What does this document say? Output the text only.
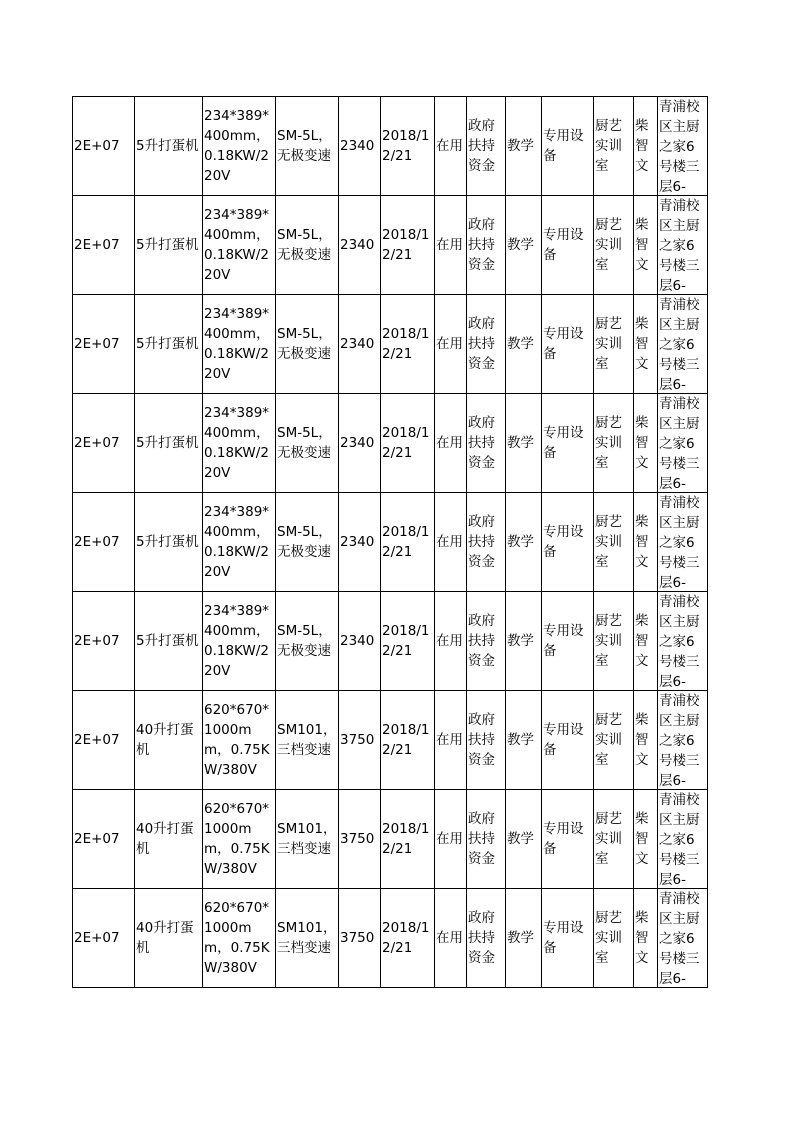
2E+07	5升打蛋机	234*389*400mm，0.18KW/220V	SM-5L，无极变速	2340	2018/12/21	在用	政府扶持资金	教学	专用设备	厨艺实训室	柴智文	青浦校区主厨之家6号楼三层6-

2E+07	5升打蛋机	234*389*400mm，0.18KW/220V	SM-5L，无极变速	2340	2018/12/21	在用	政府扶持资金	教学	专用设备	厨艺实训室	柴智文	青浦校区主厨之家6号楼三层6-

2E+07	5升打蛋机	234*389*400mm，0.18KW/220V	SM-5L，无极变速	2340	2018/12/21	在用	政府扶持资金	教学	专用设备	厨艺实训室	柴智文	青浦校区主厨之家6号楼三层6-

2E+07	5升打蛋机	234*389*400mm，0.18KW/220V	SM-5L，无极变速	2340	2018/12/21	在用	政府扶持资金	教学	专用设备	厨艺实训室	柴智文	青浦校区主厨之家6号楼三层6-

2E+07	5升打蛋机	234*389*400mm，0.18KW/220V	SM-5L，无极变速	2340	2018/12/21	在用	政府扶持资金	教学	专用设备	厨艺实训室	柴智文	青浦校区主厨之家6号楼三层6-

2E+07	5升打蛋机	234*389*400mm，0.18KW/220V	SM-5L，无极变速	2340	2018/12/21	在用	政府扶持资金	教学	专用设备	厨艺实训室	柴智文	青浦校区主厨之家6号楼三层6-

2E+07	40升打蛋机	620*670*1000mm，0.75KW/380V	SM101，三档变速	3750	2018/12/21	在用	政府扶持资金	教学	专用设备	厨艺实训室	柴智文	青浦校区主厨之家6号楼三层6-

2E+07	40升打蛋机	620*670*1000mm，0.75KW/380V	SM101，三档变速	3750	2018/12/21	在用	政府扶持资金	教学	专用设备	厨艺实训室	柴智文	青浦校区主厨之家6号楼三层6-

2E+07	40升打蛋机	620*670*1000mm，0.75KW/380V	SM101，三档变速	3750	2018/12/21	在用	政府扶持资金	教学	专用设备	厨艺实训室	柴智文	青浦校区主厨之家6号楼三层6-
